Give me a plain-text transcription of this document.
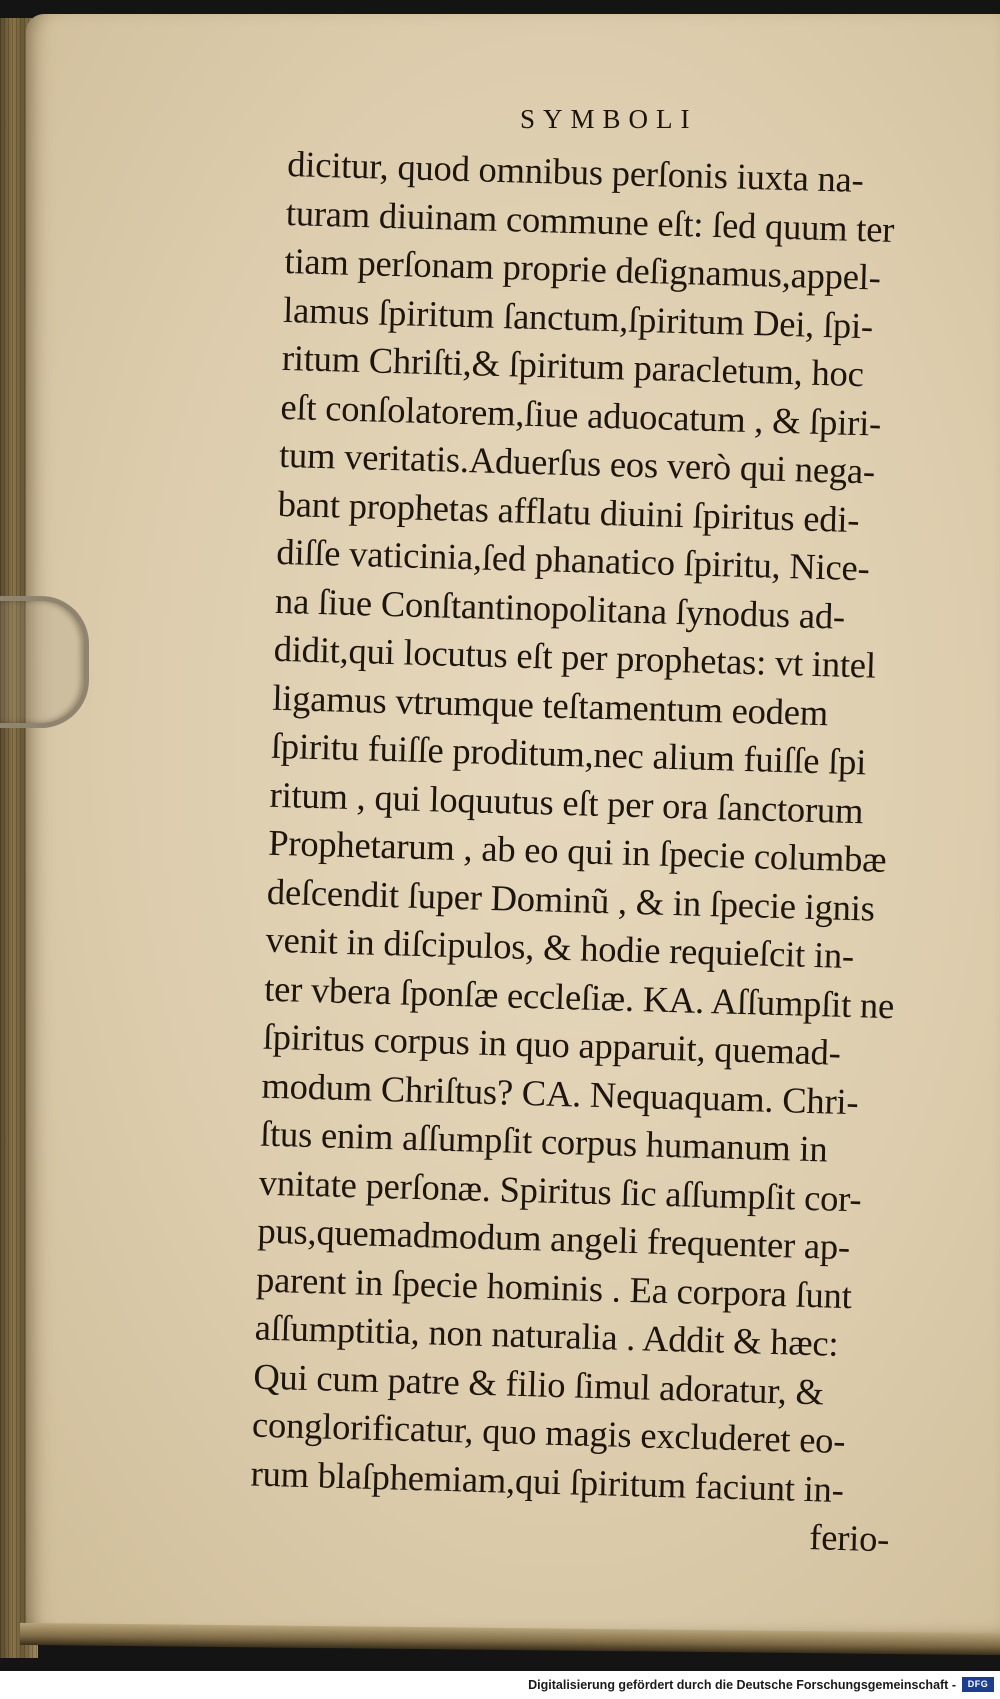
SYMBOLI
dicitur, quod omnibus perſonis iuxta na-
turam diuinam commune eſt: ſed quum ter
tiam perſonam proprie deſignamus,appel-
lamus ſpiritum ſanctum,ſpiritum Dei, ſpi-
ritum Chriſti,& ſpiritum paracletum, hoc
eſt conſolatorem,ſiue aduocatum , & ſpiri-
tum veritatis.Aduerſus eos verò qui nega-
bant prophetas afflatu diuini ſpiritus edi-
diſſe vaticinia,ſed phanatico ſpiritu, Nice-
na ſiue Conſtantinopolitana ſynodus ad-
didit,qui locutus eſt per prophetas: vt intel
ligamus vtrumque teſtamentum eodem
ſpiritu fuiſſe proditum,nec alium fuiſſe ſpi
ritum , qui loquutus eſt per ora ſanctorum
Prophetarum , ab eo qui in ſpecie columbæ
deſcendit ſuper Dominũ , & in ſpecie ignis
venit in diſcipulos, & hodie requieſcit in-
ter vbera ſponſæ eccleſiæ. KA. Aſſumpſit ne
ſpiritus corpus in quo apparuit, quemad-
modum Chriſtus? CA. Nequaquam. Chri-
ſtus enim aſſumpſit corpus humanum in
vnitate perſonæ. Spiritus ſic aſſumpſit cor-
pus,quemadmodum angeli frequenter ap-
parent in ſpecie hominis . Ea corpora ſunt
aſſumptitia, non naturalia . Addit & hæc:
Qui cum patre & filio ſimul adoratur, &
conglorificatur, quo magis excluderet eo-
rum blaſphemiam,qui ſpiritum faciunt in-
ferio-
Digitalisierung gefördert durch die Deutsche Forschungsgemeinschaft -	DFG
